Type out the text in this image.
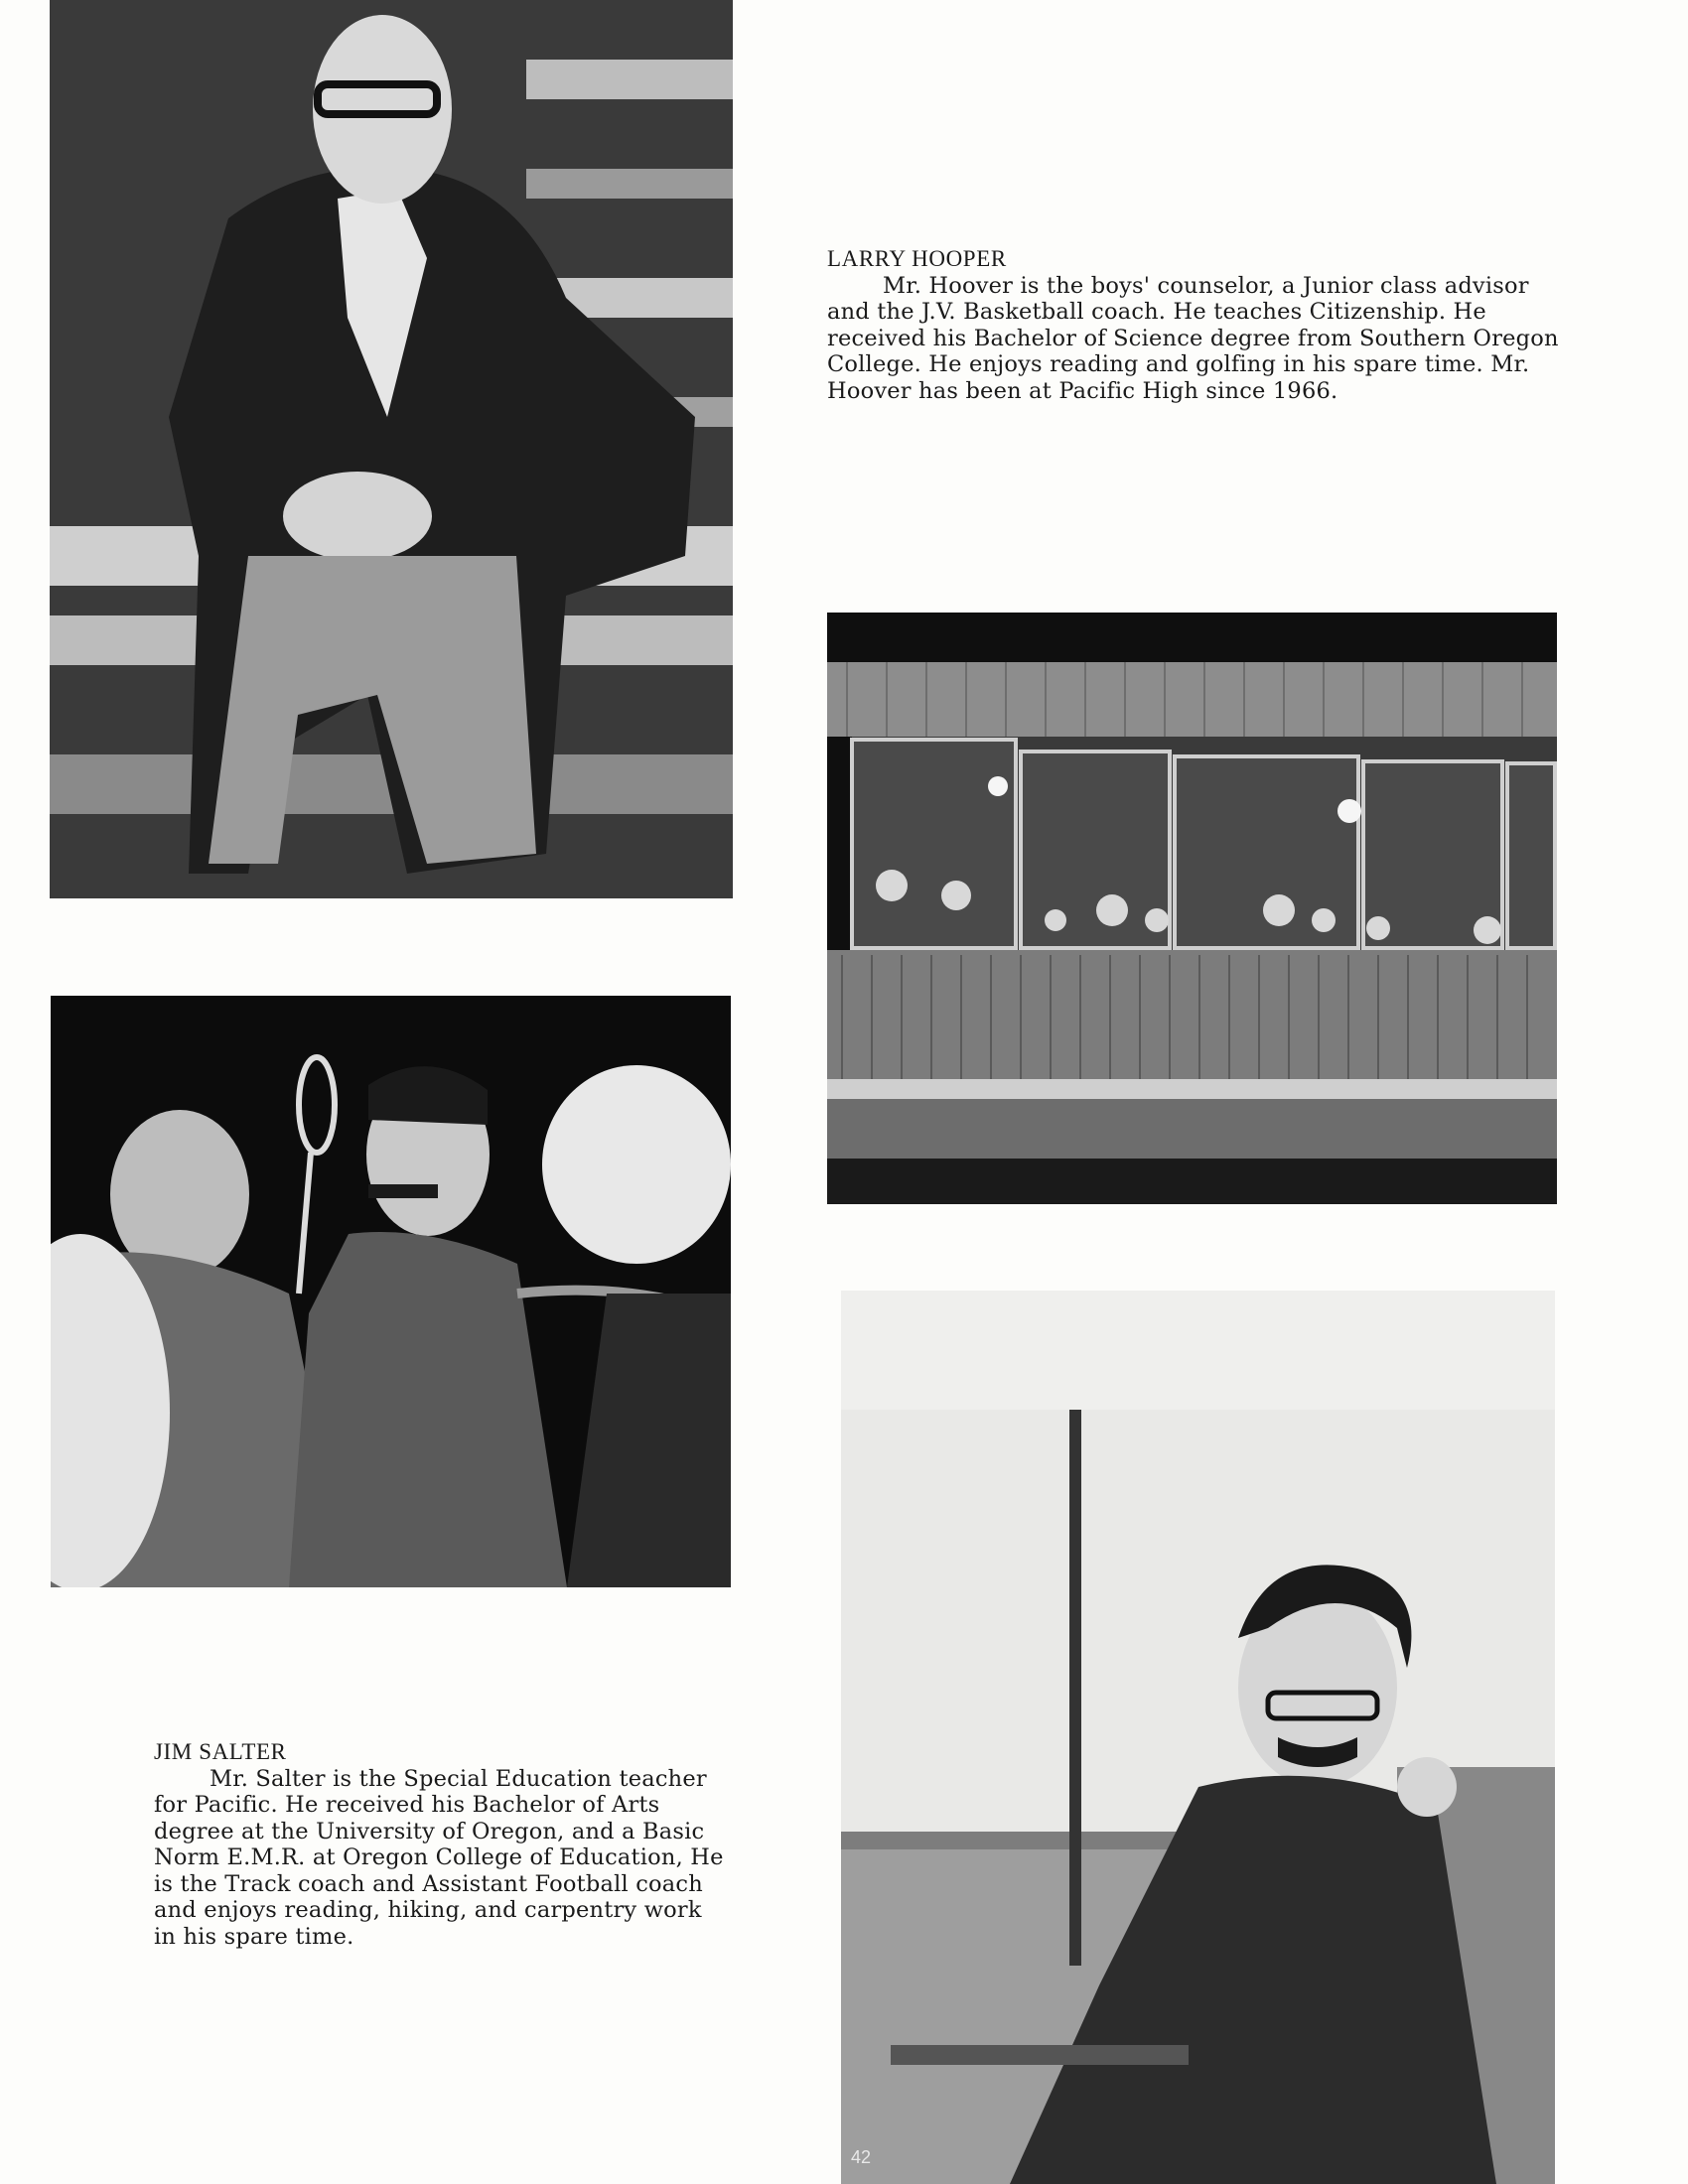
LARRY HOOPER
Mr. Hoover is the boys' counselor, a Junior class advisor and the J.V. Basketball coach. He teaches Citizenship. He received his Bachelor of Science degree from Southern Oregon College. He enjoys reading and golfing in his spare time. Mr. Hoover has been at Pacific High since 1966.
JIM SALTER
Mr. Salter is the Special Education teacher for Pacific. He received his Bachelor of Arts degree at the University of Oregon, and a Basic Norm E.M.R. at Oregon College of Education, He is the Track coach and Assistant Football coach and enjoys reading, hiking, and carpentry work in his spare time.
42
